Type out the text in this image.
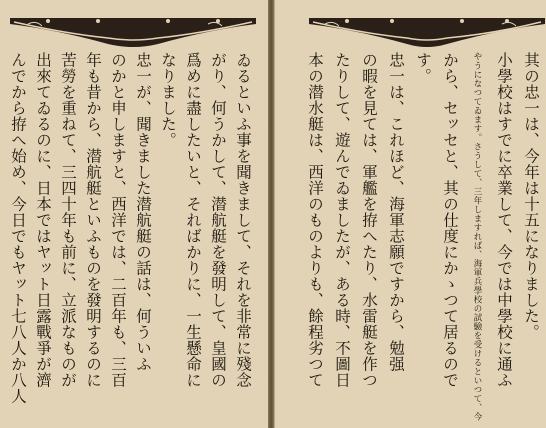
其の忠一は、今年は十五になりました。
小學校はすでに卒業して、今では中學校に通ふ
やうになつてゐます。さうして、三年しますれば、海軍兵學校の試驗を受けるといつて、今
から、セッセと、其の仕度にかゝつて居るので
す。
忠一は、これほど、海軍志願ですから、勉强
の暇を見ては、軍艦を拵へたり、水雷艇を作つ
たりして、遊んでゐましたが、ある時、不圖日
本の潜水艇は、西洋のものよりも、餘程劣つて
ゐるといふ事を聞きまして、それを非常に殘念
がり、何うかして、潜航艇を發明して、皇國の
爲めに盡したいと、そればかりに、一生懸命に
なりました。
忠一が、聞きました潜航艇の話は、何ういふ
のかと申しますと、西洋では、二百年も、三百
年も昔から、潜航艇といふものを發明するのに
苦勞を重ねて、三四十年も前に、立派なものが
出來てゐるのに、日本ではヤット日露戰爭が濟
んでから拵へ始め、今日でもヤット七八人か八人
